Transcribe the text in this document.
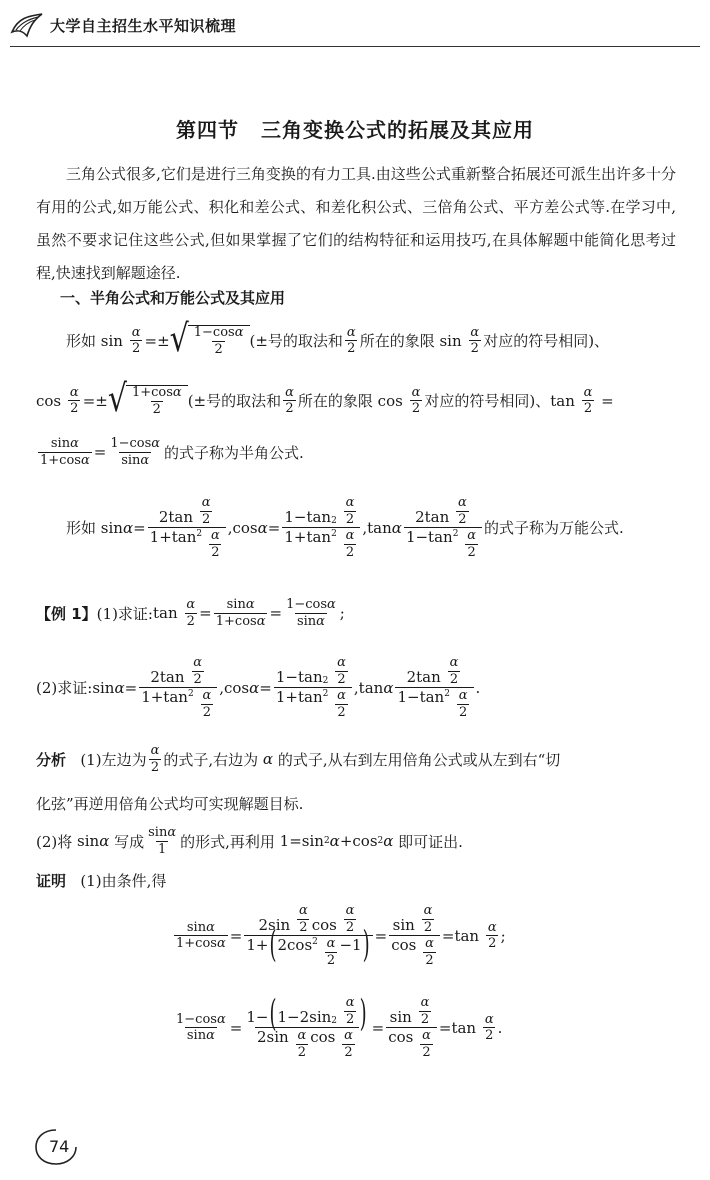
大学自主招生水平知识梳理
第四节 三角变换公式的拓展及其应用
三角公式很多,它们是进行三角变换的有力工具.由这些公式重新整合拓展还可派生出许多十分有用的公式,如万能公式、积化和差公式、和差化积公式、三倍角公式、平方差公式等.在学习中,虽然不要求记住这些公式,但如果掌握了它们的结构特征和运用技巧,在具体解题中能简化思考过程,快速找到解题途径.
一、半角公式和万能公式及其应用
形如 $\sin \frac{\alpha}{2}$ =± √ $\frac{\text{1−cos α}}{2}$ (±号的取法和 $\frac{\alpha}{2}$ 所在的象限 $\sin \frac{\alpha}{2}$ 对应的符号相同)、
$\cos \frac{\alpha}{2}$ =± √ $\frac{\text{1+cos α}}{2}$ (±号的取法和 $\frac{\alpha}{2}$ 所在的象限 $\cos \frac{\alpha}{2}$ 对应的符号相同)、 $\tan \frac{\alpha}{2}$ =
$\frac{\text{sin α}}{\text{1+cos α}} = \frac{\text{1−cos α}}{\text{sin α}}$ 的式子称为半角公式.
形如 $\sin \alpha = 2\tan \frac{\alpha}{2}$
1+tan 2
$\frac{\alpha}{2} ,\cos$ α = 1−tan 2
$\frac{\alpha}{2}$
1+tan 2
$\frac{\alpha}{2} ,\tan$ α $2\tan \frac{\alpha}{2}$
1−tan 2
$\frac{\alpha}{2}$ 的式子称为万能公式.
【例 1】 (1)求证: $\tan \frac{\alpha}{2} = \frac{\text{sin α}}{\text{1+cos α}} = \frac{\text{1−cos α}}{\text{sin α}}$ ;
(2)求证: $\sin \alpha = 2\tan \frac{\alpha}{2}$
1+tan 2
$\frac{\alpha}{2} ,\cos$ α = 1−tan 2
$\frac{\alpha}{2}$
1+tan 2
$\frac{\alpha}{2} ,\tan$ α $2\tan \frac{\alpha}{2}$
1−tan 2
$\frac{\alpha}{2}$ .
分析
(1)左边为 $\frac{\alpha}{2}$ 的式子,右边为
α
的式子,从右到左用倍角公式或从左到右“切
化弦”再逆用倍角公式均可实现解题目标.
(2)将 sin α
写成 $\frac{\text{sin α}}{1}$ 的形式,再利用 1=sin 2 α +cos 2 α
即可证出.
证明
(1)由条件,得
$\frac{\text{sin α}}{\text{1+cos α}} = 2\sin \frac{\alpha}{2}$ $\cos \frac{\alpha}{2}$
1+ ( $2\cos^2$
$\frac{\alpha}{2} -1$ ) = $\frac{\sin \frac{\alpha}{2}}{\cos \frac{\alpha}{2}} =\tan \frac{\alpha}{2}$ ;
$\frac{\text{1−cos α}}{\text{sin α}} = 1-$ ( $1-2\sin_2$
$\frac{\alpha}{2}$ )
$2\sin \frac{\alpha}{2}$ $\cos \frac{\alpha}{2} = \frac{\sin \frac{\alpha}{2}}{\cos \frac{\alpha}{2}} =\tan \frac{\alpha}{2}$ .
74
